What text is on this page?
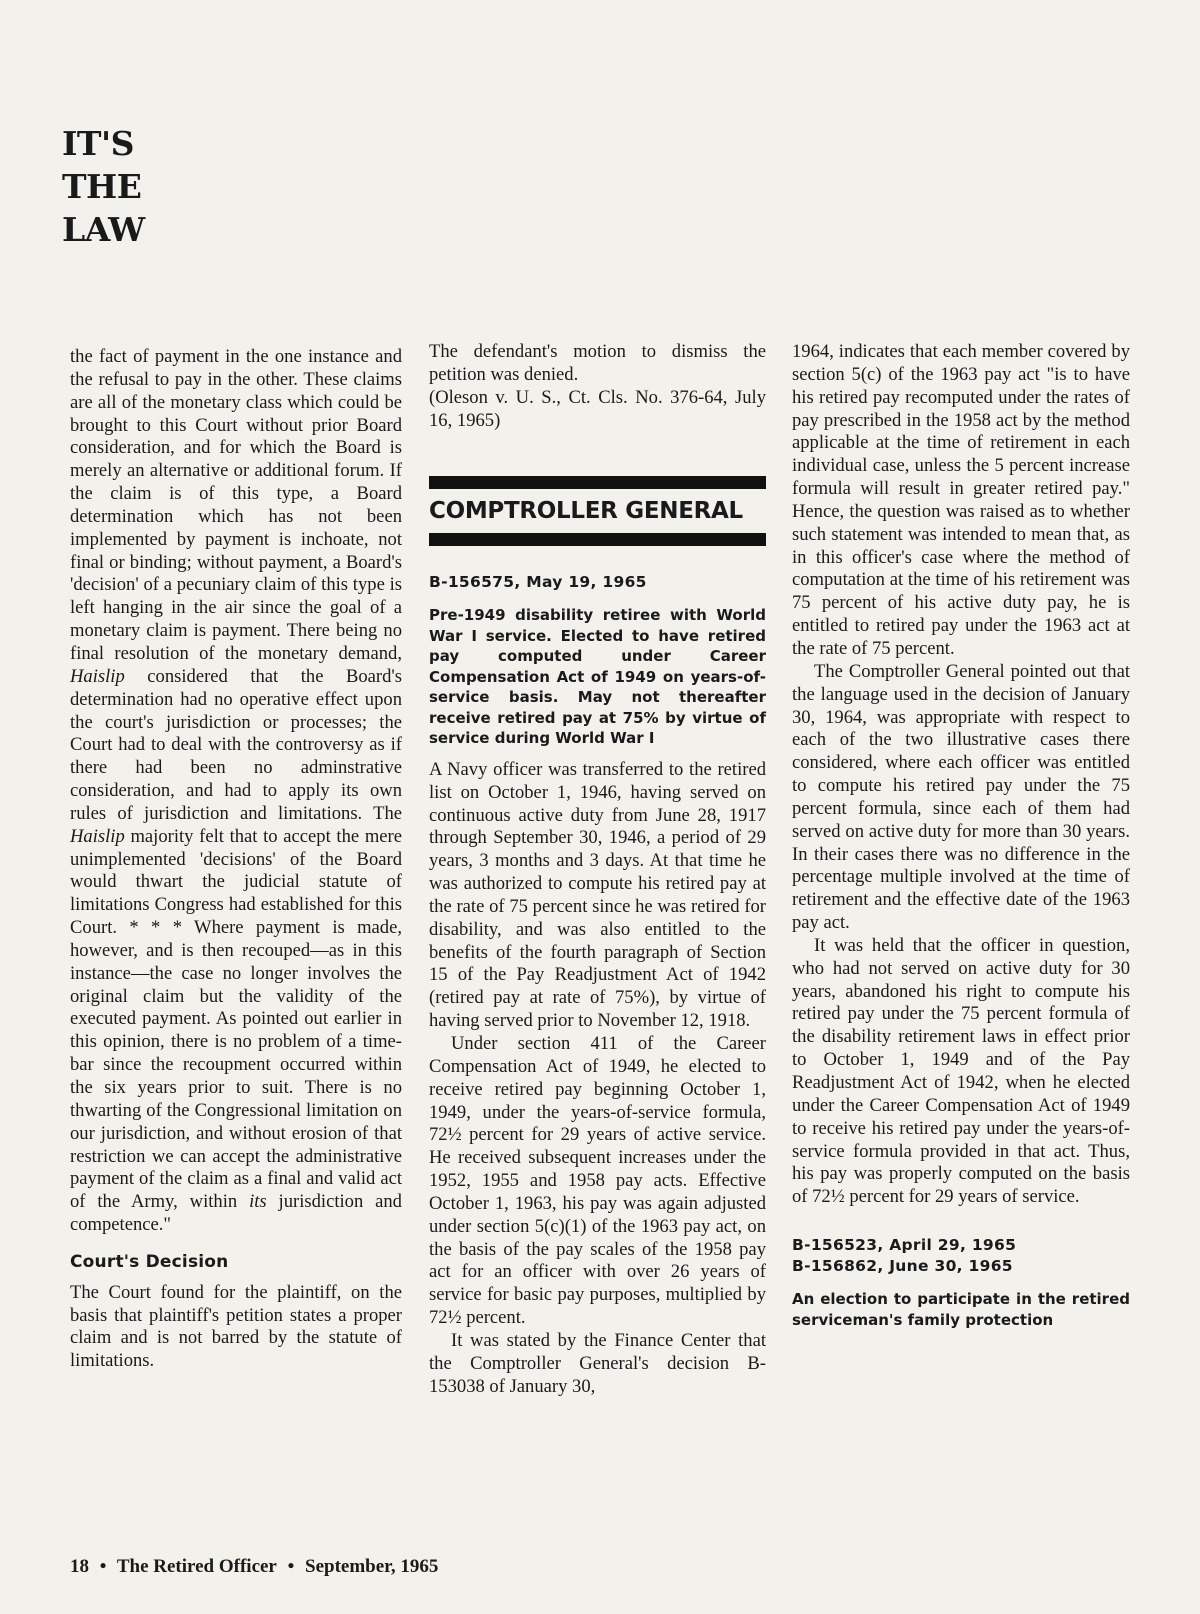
IT'S
THE
LAW

the fact of payment in the one instance and the refusal to pay in the other. These claims are all of the monetary class which could be brought to this Court without prior Board consideration, and for which the Board is merely an alternative or additional forum. If the claim is of this type, a Board determination which has not been implemented by payment is inchoate, not final or binding; without payment, a Board's 'decision' of a pecuniary claim of this type is left hanging in the air since the goal of a monetary claim is payment. There being no final resolution of the monetary demand, Haislip considered that the Board's determination had no operative effect upon the court's jurisdiction or processes; the Court had to deal with the controversy as if there had been no adminstrative consideration, and had to apply its own rules of jurisdiction and limitations. The Haislip majority felt that to accept the mere unimplemented 'decisions' of the Board would thwart the judicial statute of limitations Congress had established for this Court. * * * Where payment is made, however, and is then recouped—as in this instance—the case no longer involves the original claim but the validity of the executed payment. As pointed out earlier in this opinion, there is no problem of a time-bar since the recoupment occurred within the six years prior to suit. There is no thwarting of the Congressional limitation on our jurisdiction, and without erosion of that restriction we can accept the administrative payment of the claim as a final and valid act of the Army, within its jurisdiction and competence."

Court's Decision

The Court found for the plaintiff, on the basis that plaintiff's petition states a proper claim and is not barred by the statute of limitations.

The defendant's motion to dismiss the petition was denied.

(Oleson v. U. S., Ct. Cls. No. 376-64, July 16, 1965)

COMPTROLLER GENERAL
B-156575, May 19, 1965
Pre-1949 disability retiree with World War I service. Elected to have retired pay computed under Career Compensation Act of 1949 on years-of-service basis. May not thereafter receive retired pay at 75% by virtue of service during World War I

A Navy officer was transferred to the retired list on October 1, 1946, having served on continuous active duty from June 28, 1917 through September 30, 1946, a period of 29 years, 3 months and 3 days. At that time he was authorized to compute his retired pay at the rate of 75 percent since he was retired for disability, and was also entitled to the benefits of the fourth paragraph of Section 15 of the Pay Readjustment Act of 1942 (retired pay at rate of 75%), by virtue of having served prior to November 12, 1918.

Under section 411 of the Career Compensation Act of 1949, he elected to receive retired pay beginning October 1, 1949, under the years-of-service formula, 72½ percent for 29 years of active service. He received subsequent increases under the 1952, 1955 and 1958 pay acts. Effective October 1, 1963, his pay was again adjusted under section 5(c)(1) of the 1963 pay act, on the basis of the pay scales of the 1958 pay act for an officer with over 26 years of service for basic pay purposes, multiplied by 72½ percent.

It was stated by the Finance Center that the Comptroller General's decision B-153038 of January 30,

1964, indicates that each member covered by section 5(c) of the 1963 pay act "is to have his retired pay recomputed under the rates of pay prescribed in the 1958 act by the method applicable at the time of retirement in each individual case, unless the 5 percent increase formula will result in greater retired pay." Hence, the question was raised as to whether such statement was intended to mean that, as in this officer's case where the method of computation at the time of his retirement was 75 percent of his active duty pay, he is entitled to retired pay under the 1963 act at the rate of 75 percent.

The Comptroller General pointed out that the language used in the decision of January 30, 1964, was appropriate with respect to each of the two illustrative cases there considered, where each officer was entitled to compute his retired pay under the 75 percent formula, since each of them had served on active duty for more than 30 years. In their cases there was no difference in the percentage multiple involved at the time of retirement and the effective date of the 1963 pay act.

It was held that the officer in question, who had not served on active duty for 30 years, abandoned his right to compute his retired pay under the 75 percent formula of the disability retirement laws in effect prior to October 1, 1949 and of the Pay Readjustment Act of 1942, when he elected under the Career Compensation Act of 1949 to receive his retired pay under the years-of-service formula provided in that act. Thus, his pay was properly computed on the basis of 72½ percent for 29 years of service.

B-156523, April 29, 1965
B-156862, June 30, 1965
An election to participate in the retired serviceman's family protection
18 • The Retired Officer • September, 1965
